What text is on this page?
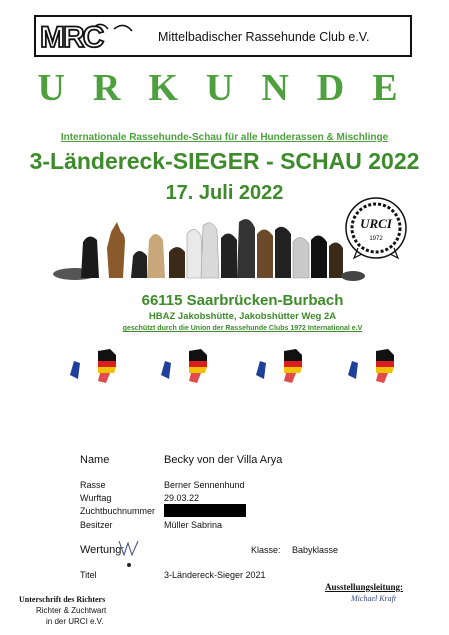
MRC	Mittelbadischer Rassehunde Club e.V.
URKUNDE
Internationale Rassehunde-Schau für alle Hunderassen & Mischlinge
3-Ländereck-SIEGER - SCHAU 2022
17. Juli 2022
URCI
1972
66115 Saarbrücken-Burbach
HBAZ Jakobshütte, Jakobshütter Weg 2A
geschützt durch die Union der Rassehunde Clubs 1972 International e.V
Name	Becky von der Villa Arya
Rasse	Berner Sennenhund
Wurftag	29.03.22
Zuchtbuchnummer
Besitzer	Müller Sabrina
Wertung:	Klasse: Babyklasse
Titel	3-Ländereck-Sieger 2021
Ausstellungsleitung:
Michael Kraft
Unterschrift des Richters
Richter & Zuchtwart
in der URCI e.V.
